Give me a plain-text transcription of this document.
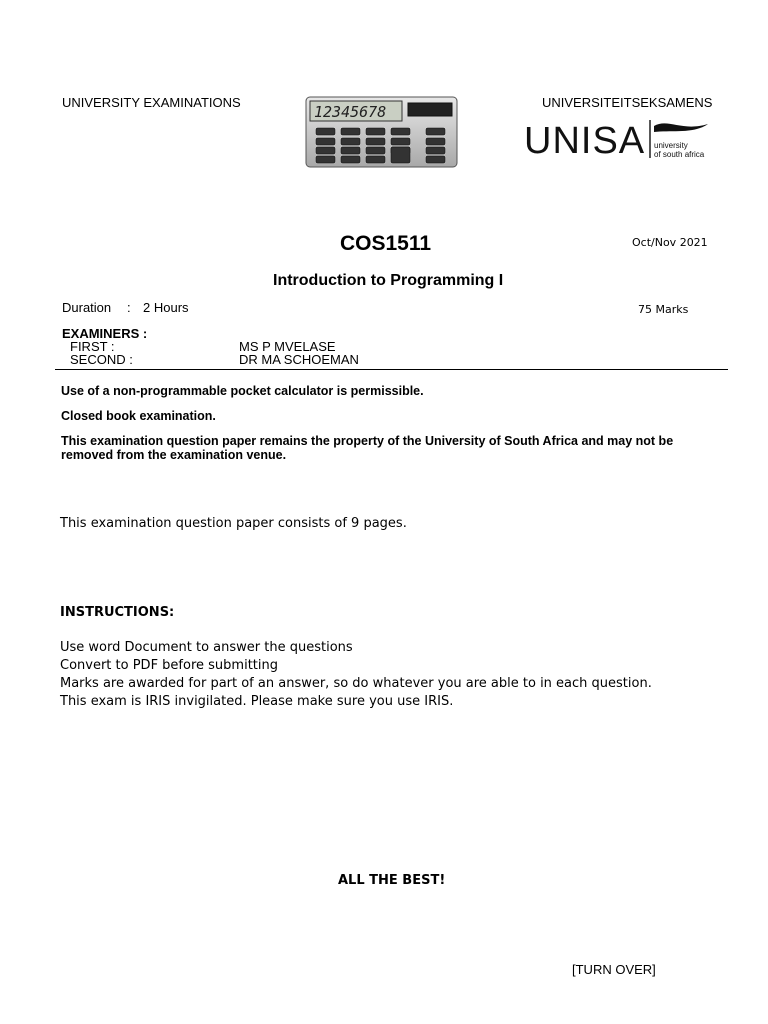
UNIVERSITY EXAMINATIONS	UNIVERSITEITSEKSAMENS
12345678
UNISA university
of south africa
COS1511	Oct/Nov 2021
Introduction to Programming I
Duration : 2 Hours	75 Marks
EXAMINERS :
FIRST :	MS P MVELASE
SECOND :	DR MA SCHOEMAN
Use of a non-programmable pocket calculator is permissible.
Closed book examination.
This examination question paper remains the property of the University of South Africa and may not be removed from the examination venue.
This examination question paper consists of 9 pages.
INSTRUCTIONS:
Use word Document to answer the questions
Convert to PDF before submitting
Marks are awarded for part of an answer, so do whatever you are able to in each question.
This exam is IRIS invigilated. Please make sure you use IRIS.
ALL THE BEST!
[TURN OVER]
